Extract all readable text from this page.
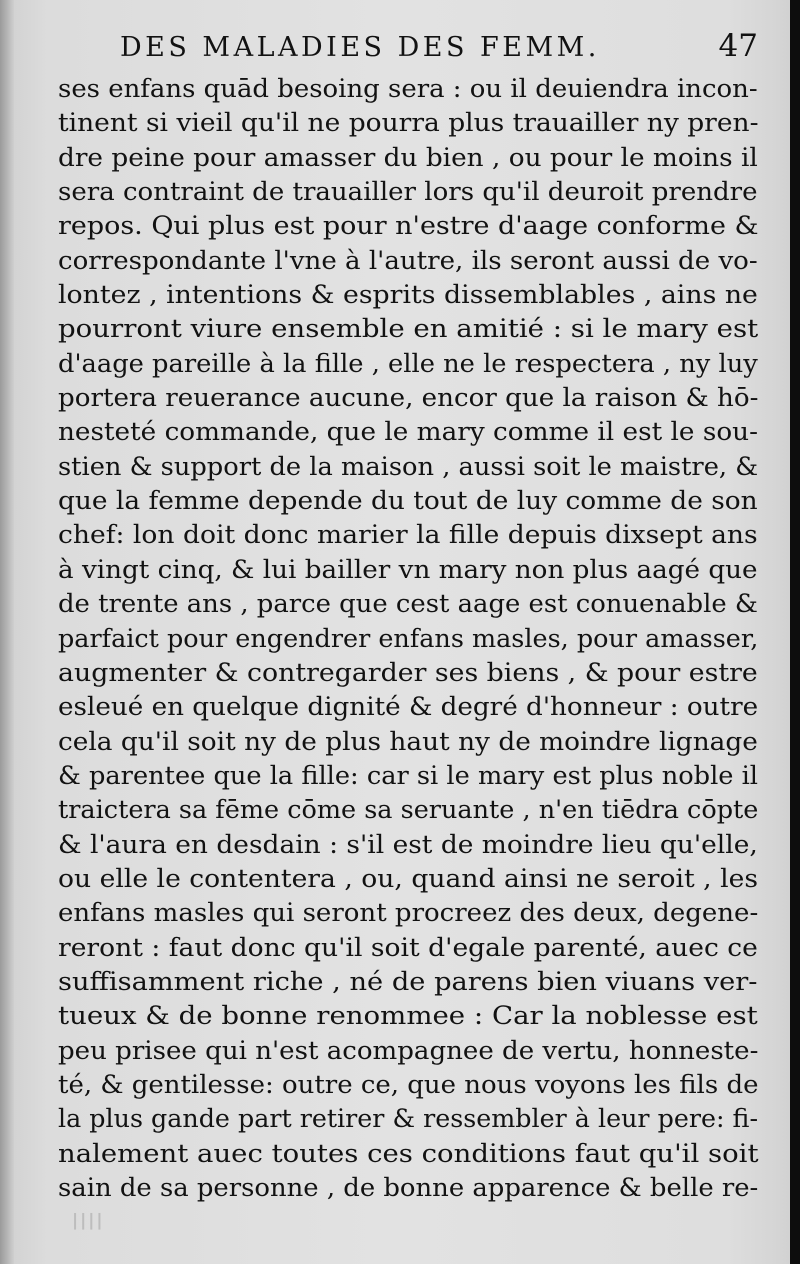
DES MALADIES DES FEMM.	47
ses enfans quād besoing sera : ou il deuiendra incon-
tinent si vieil qu'il ne pourra plus trauailler ny pren-
dre peine pour amasser du bien , ou pour le moins il
sera contraint de trauailler lors qu'il deuroit prendre
repos. Qui plus est pour n'estre d'aage conforme &
correspondante l'vne à l'autre, ils seront aussi de vo-
lontez , intentions & esprits dissemblables , ains ne
pourront viure ensemble en amitié : si le mary est
d'aage pareille à la fille , elle ne le respectera , ny luy
portera reuerance aucune, encor que la raison & hō-
nesteté commande, que le mary comme il est le sou-
stien & support de la maison , aussi soit le maistre, &
que la femme depende du tout de luy comme de son
chef: lon doit donc marier la fille depuis dixsept ans
à vingt cinq, & lui bailler vn mary non plus aagé que
de trente ans , parce que cest aage est conuenable &
parfaict pour engendrer enfans masles, pour amasser,
augmenter & contregarder ses biens , & pour estre
esleué en quelque dignité & degré d'honneur : outre
cela qu'il soit ny de plus haut ny de moindre lignage
& parentee que la fille: car si le mary est plus noble il
traictera sa fēme cōme sa seruante , n'en tiēdra cōpte
& l'aura en desdain : s'il est de moindre lieu qu'elle,
ou elle le contentera , ou, quand ainsi ne seroit , les
enfans masles qui seront procreez des deux, degene-
reront : faut donc qu'il soit d'egale parenté, auec ce
suffisamment riche , né de parens bien viuans ver-
tueux & de bonne renommee : Car la noblesse est
peu prisee qui n'est acompagnee de vertu, honneste-
té, & gentilesse: outre ce, que nous voyons les fils de
la plus gande part retirer & ressembler à leur pere: fi-
nalement auec toutes ces conditions faut qu'il soit
sain de sa personne , de bonne apparence & belle re-
ꞁꞁꞁꞁ
